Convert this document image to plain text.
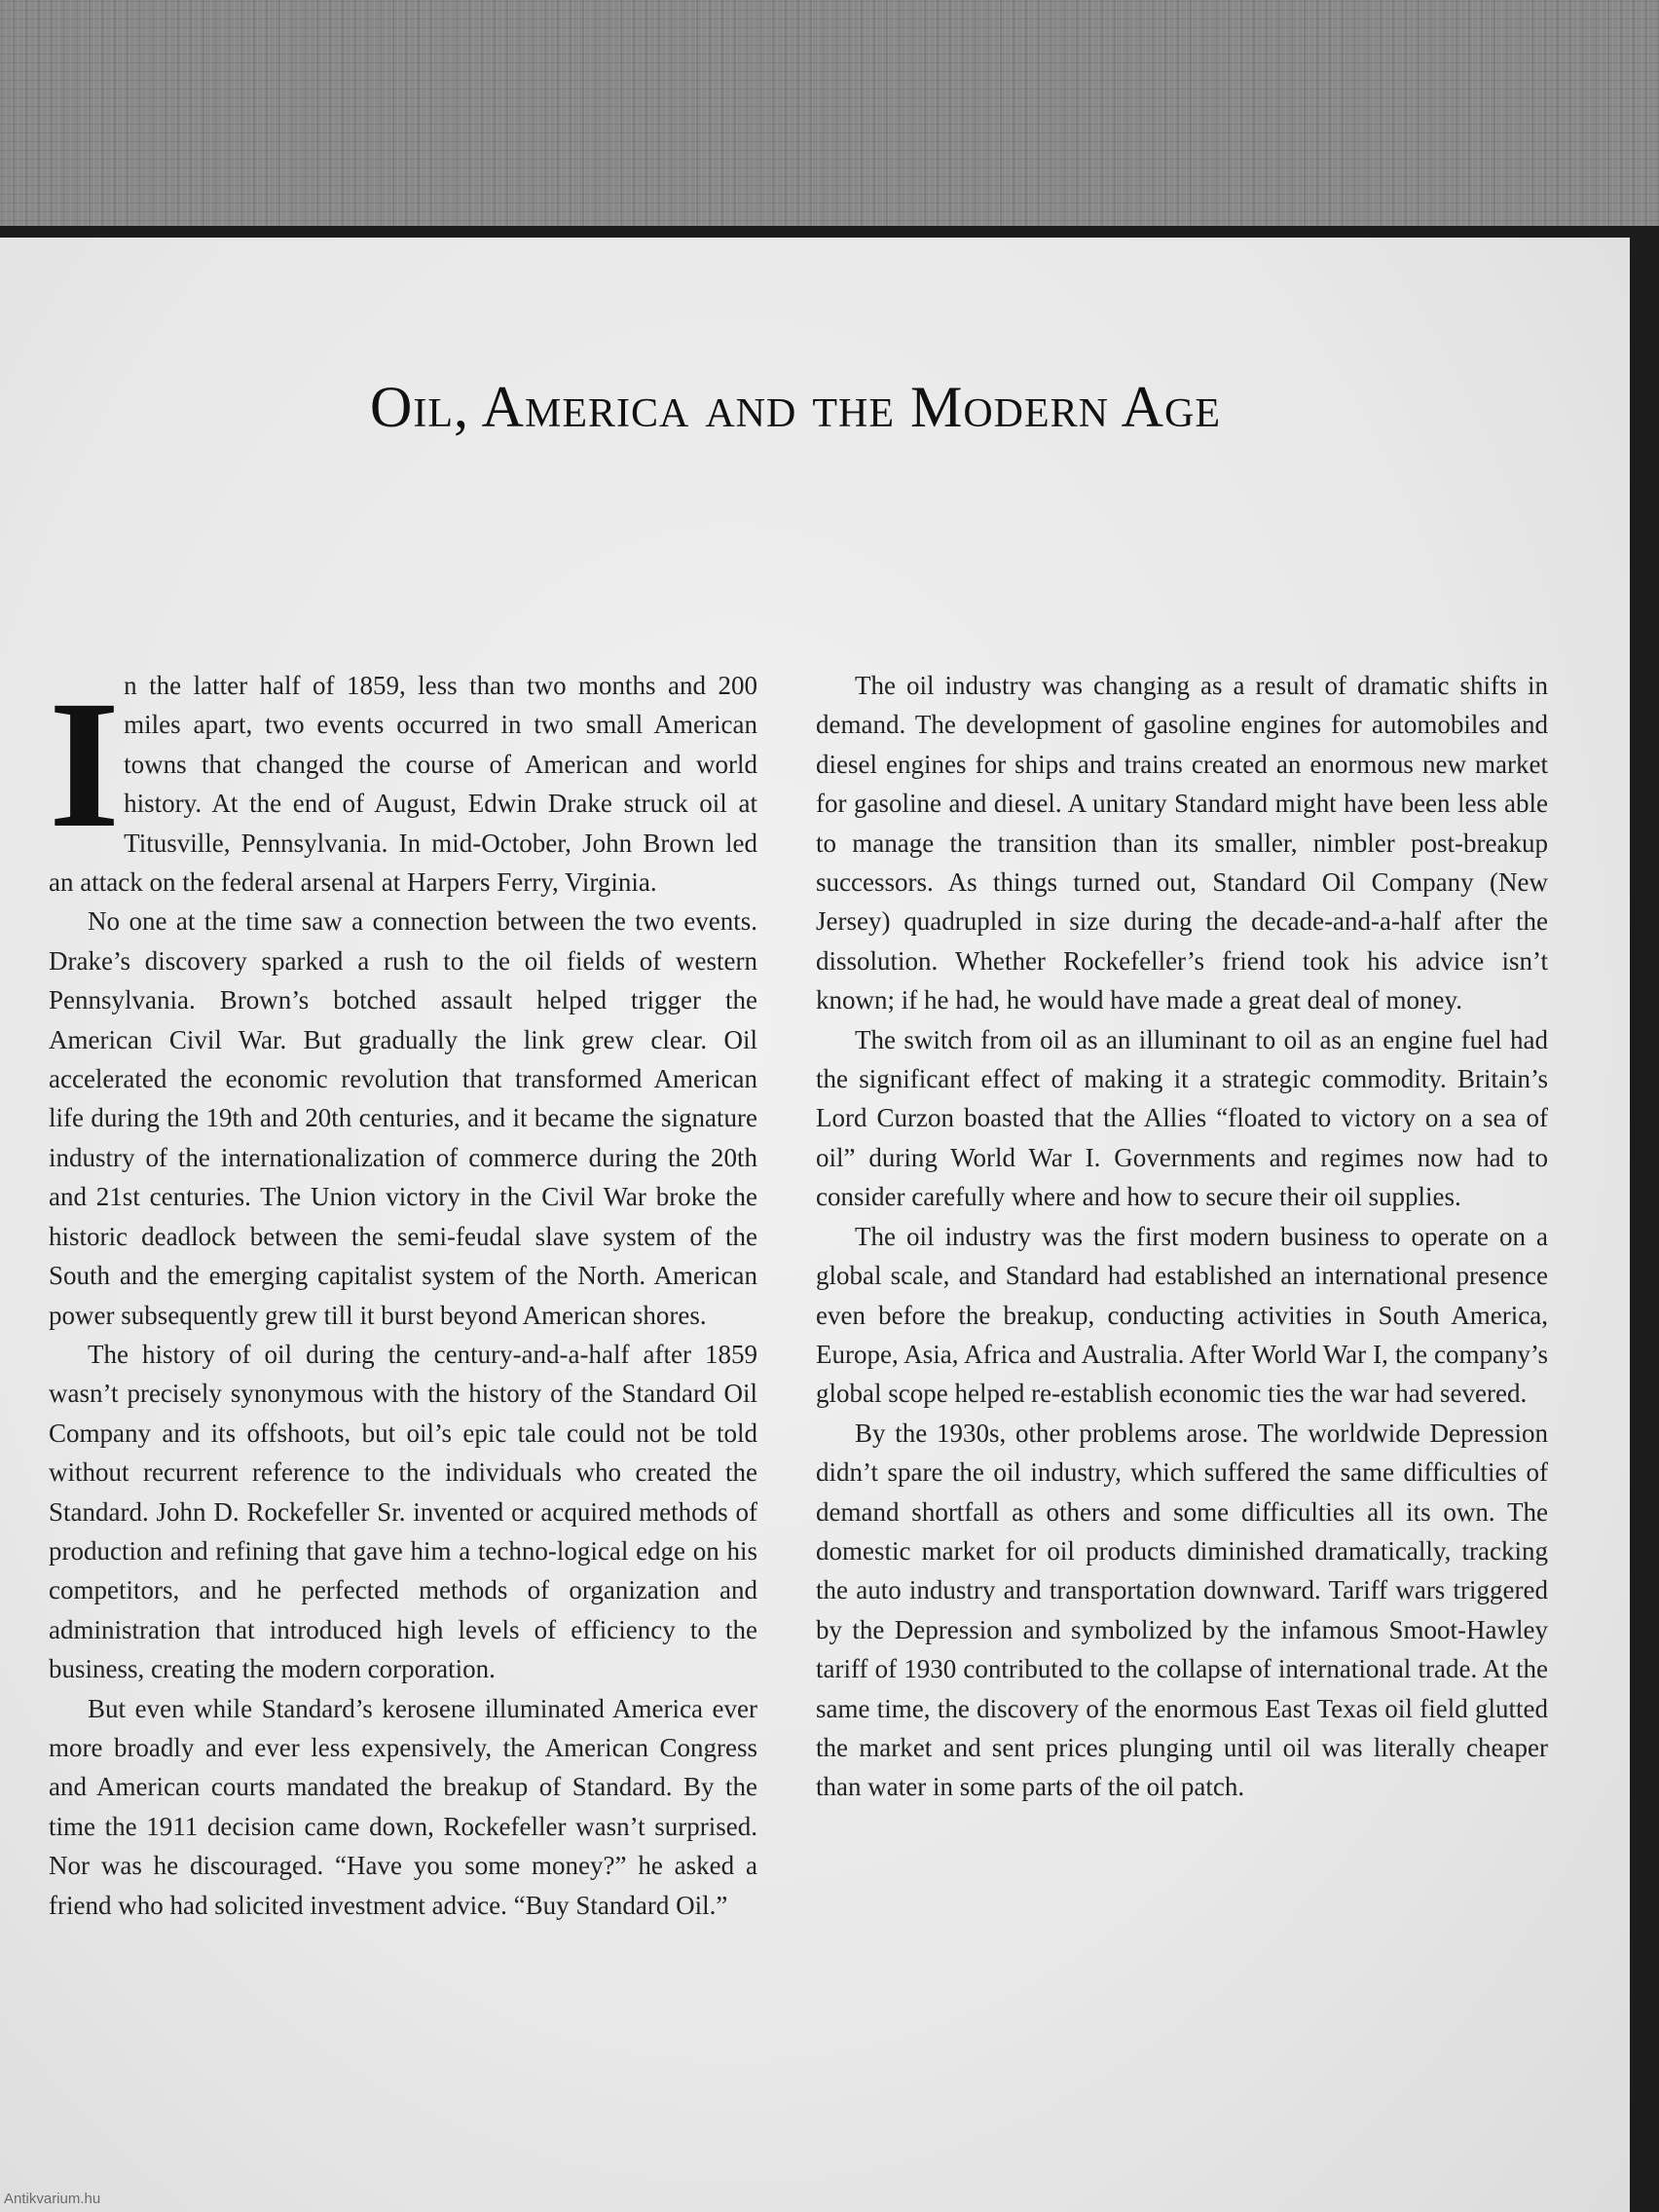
Oil, America and the Modern Age

In the latter half of 1859, less than two months and 200 miles apart, two events occurred in two small American towns that changed the course of American and world history. At the end of August, Edwin Drake struck oil at Titusville, Pennsylvania. In mid-October, John Brown led an attack on the federal arsenal at Harpers Ferry, Virginia.

No one at the time saw a connection between the two events. Drake’s discovery sparked a rush to the oil fields of western Pennsylvania. Brown’s botched assault helped trigger the American Civil War. But gradually the link grew clear. Oil accelerated the economic revolution that transformed American life during the 19th and 20th centuries, and it became the signature industry of the internationalization of commerce during the 20th and 21st centuries. The Union victory in the Civil War broke the historic deadlock between the semi-feudal slave system of the South and the emerging capitalist system of the North. American power subsequently grew till it burst beyond American shores.

The history of oil during the century-and-a-half after 1859 wasn’t precisely synonymous with the history of the Standard Oil Company and its offshoots, but oil’s epic tale could not be told without recurrent reference to the individuals who created the Standard. John D. Rockefeller Sr. invented or acquired methods of production and refining that gave him a techno-logical edge on his competitors, and he perfected methods of organization and administration that introduced high levels of efficiency to the business, creating the modern corporation.

But even while Standard’s kerosene illuminated America ever more broadly and ever less expensively, the American Congress and American courts mandated the breakup of Standard. By the time the 1911 decision came down, Rockefeller wasn’t surprised. Nor was he discouraged. “Have you some money?” he asked a friend who had solicited investment advice. “Buy Standard Oil.”

The oil industry was changing as a result of dramatic shifts in demand. The development of gasoline engines for automobiles and diesel engines for ships and trains created an enormous new market for gasoline and diesel. A unitary Standard might have been less able to manage the transition than its smaller, nimbler post-breakup successors. As things turned out, Standard Oil Company (New Jersey) quadrupled in size during the decade-and-a-half after the dissolution. Whether Rockefeller’s friend took his advice isn’t known; if he had, he would have made a great deal of money.

The switch from oil as an illuminant to oil as an engine fuel had the significant effect of making it a strategic commodity. Britain’s Lord Curzon boasted that the Allies “floated to victory on a sea of oil” during World War I. Governments and regimes now had to consider carefully where and how to secure their oil supplies.

The oil industry was the first modern business to operate on a global scale, and Standard had established an international presence even before the breakup, conducting activities in South America, Europe, Asia, Africa and Australia. After World War I, the company’s global scope helped re-establish economic ties the war had severed.

By the 1930s, other problems arose. The worldwide Depression didn’t spare the oil industry, which suffered the same difficulties of demand shortfall as others and some difficulties all its own. The domestic market for oil products diminished dramatically, tracking the auto industry and transportation downward. Tariff wars triggered by the Depression and symbolized by the infamous Smoot-Hawley tariff of 1930 contributed to the collapse of international trade. At the same time, the discovery of the enormous East Texas oil field glutted the market and sent prices plunging until oil was literally cheaper than water in some parts of the oil patch.

Antikvarium.hu
